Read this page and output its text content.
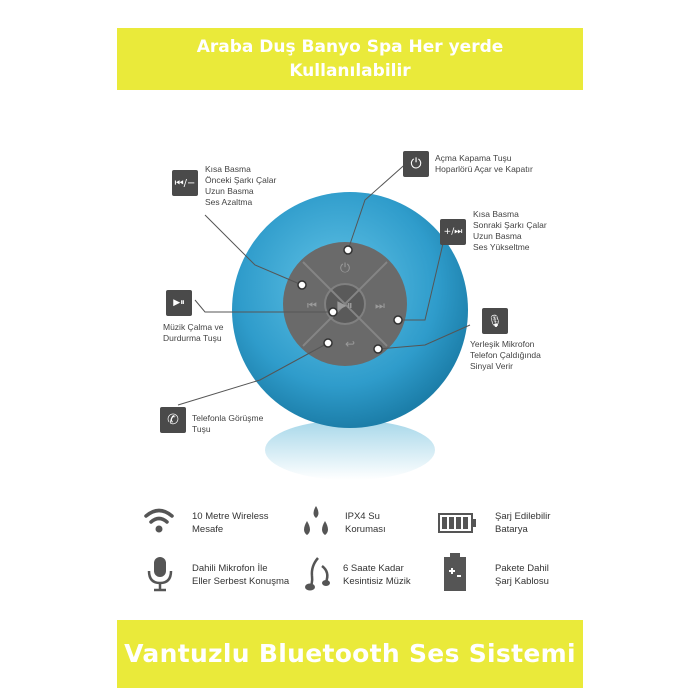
Araba Duş Banyo Spa Her yerde
Kullanılabilir
⏻
▶⏸
⏮	⏭
↩
⏮/−
Kısa Basma
Önceki Şarkı Çalar
Uzun Basma
Ses Azaltma
⏻	Açma Kapama Tuşu
Hoparlörü Açar ve Kapatır
+/⏭
Kısa Basma
Sonraki Şarkı Çalar
Uzun Basma
Ses Yükseltme
▶⏸
Müzik Çalma ve
Durdurma Tuşu
🎙
Yerleşik Mikrofon
Telefon Çaldığında
Sinyal Verir
✆	Telefonla Görüşme
Tuşu
10 Metre Wireless
Mesafe
IPX4 Su
Koruması
Şarj Edilebilir
Batarya
Dahili Mikrofon İle
Eller Serbest Konuşma
6 Saate Kadar
Kesintisiz Müzik
Pakete Dahil
Şarj Kablosu
Vantuzlu Bluetooth Ses Sistemi
